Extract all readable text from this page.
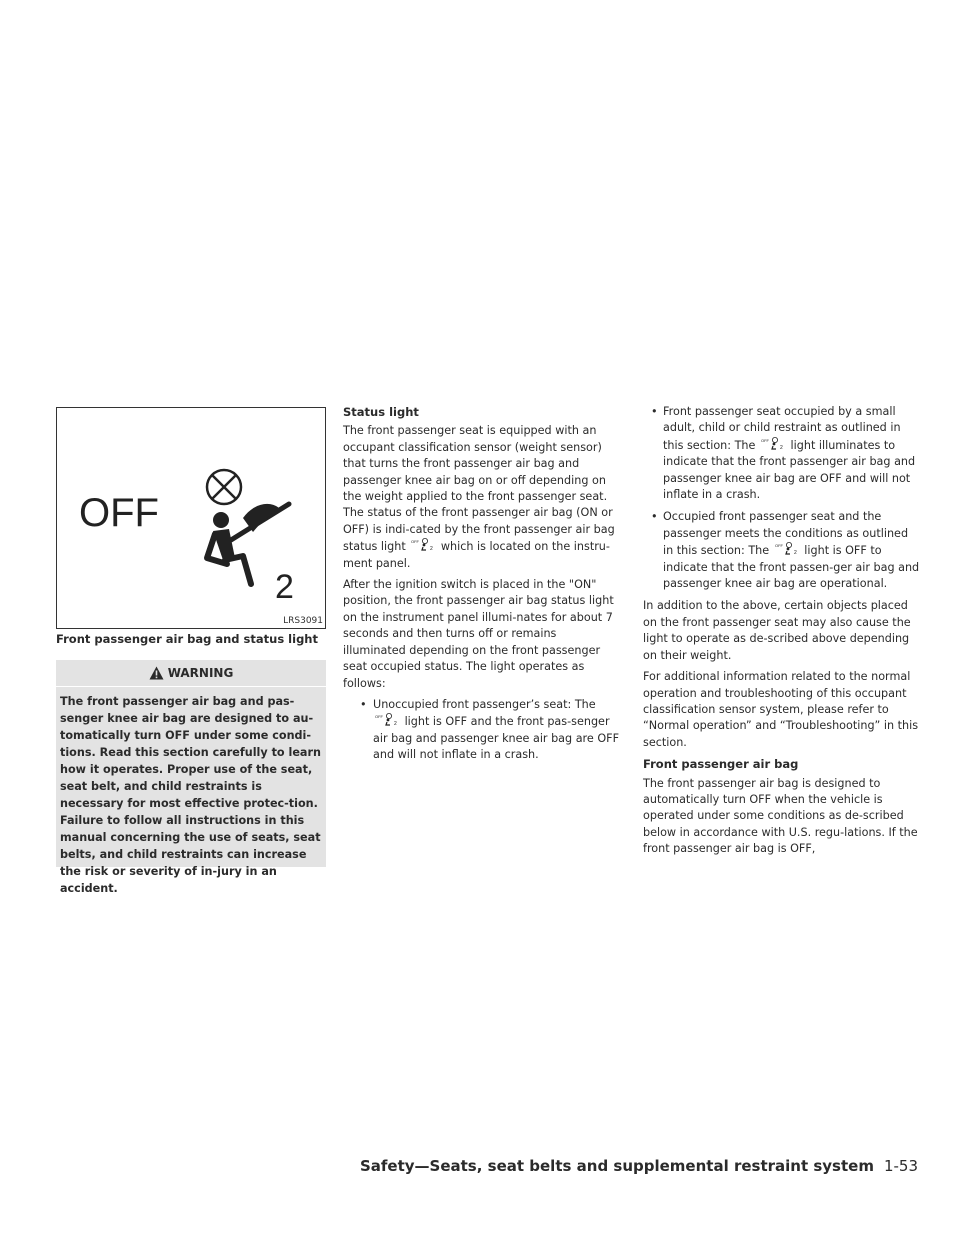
OFF
2
LRS3091
Front passenger air bag and status light
WARNING
The front passenger air bag and pas-senger knee air bag are designed to au-tomatically turn OFF under some condi-tions. Read this section carefully to learn how it operates. Proper use of the seat, seat belt, and child restraints is necessary for most effective protec-tion. Failure to follow all instructions in this manual concerning the use of seats, seat belts, and child restraints can increase the risk or severity of in-jury in an accident.
Status light

The front passenger seat is equipped with an occupant classification sensor (weight sensor) that turns the front passenger air bag and passenger knee air bag on or off depending on the weight applied to the front passenger seat. The status of the front passenger air bag (ON or OFF) is indi-cated by the front passenger air bag status light OFF
2 which is located on the instru-ment panel.

After the ignition switch is placed in the "ON" position, the front passenger air bag status light on the instrument panel illumi-nates for about 7 seconds and then turns off or remains illuminated depending on the front passenger seat occupied status. The light operates as follows:

• Unoccupied front passenger’s seat: The
OFF
2 light is OFF and the front pas-senger air bag and passenger knee air bag are OFF and will not inflate in a crash.
• Front passenger seat occupied by a small adult, child or child restraint as outlined in this section: The OFF
2 light illuminates to indicate that the front passenger air bag and passenger knee air bag are OFF and will not inflate in a crash.
• Occupied front passenger seat and the passenger meets the conditions as outlined in this section: The OFF
2 light is OFF to indicate that the front passen-ger air bag and passenger knee air bag are operational.

In addition to the above, certain objects placed on the front passenger seat may also cause the light to operate as de-scribed above depending on their weight.

For additional information related to the normal operation and troubleshooting of this occupant classification sensor system, please refer to “Normal operation” and “Troubleshooting” in this section.

Front passenger air bag

The front passenger air bag is designed to automatically turn OFF when the vehicle is operated under some conditions as de-scribed below in accordance with U.S. regu-lations. If the front passenger air bag is OFF,

Safety—Seats, seat belts and supplemental restraint system 1-53
